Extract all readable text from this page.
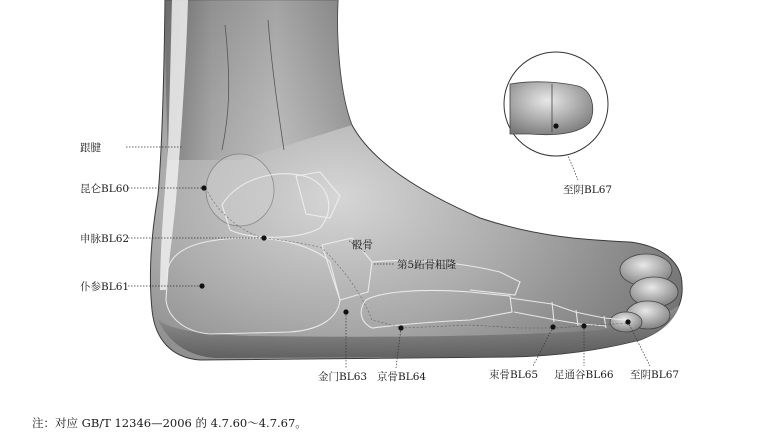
跟腱
昆仑BL60
申脉BL62
仆参BL61
骰骨
第5跖骨粗隆
金门BL63 京骨BL64	束骨BL65 足通谷BL66 至阴BL67
至阴BL67
注：对应 GB/T 12346—2006 的 4.7.60～4.7.67。
